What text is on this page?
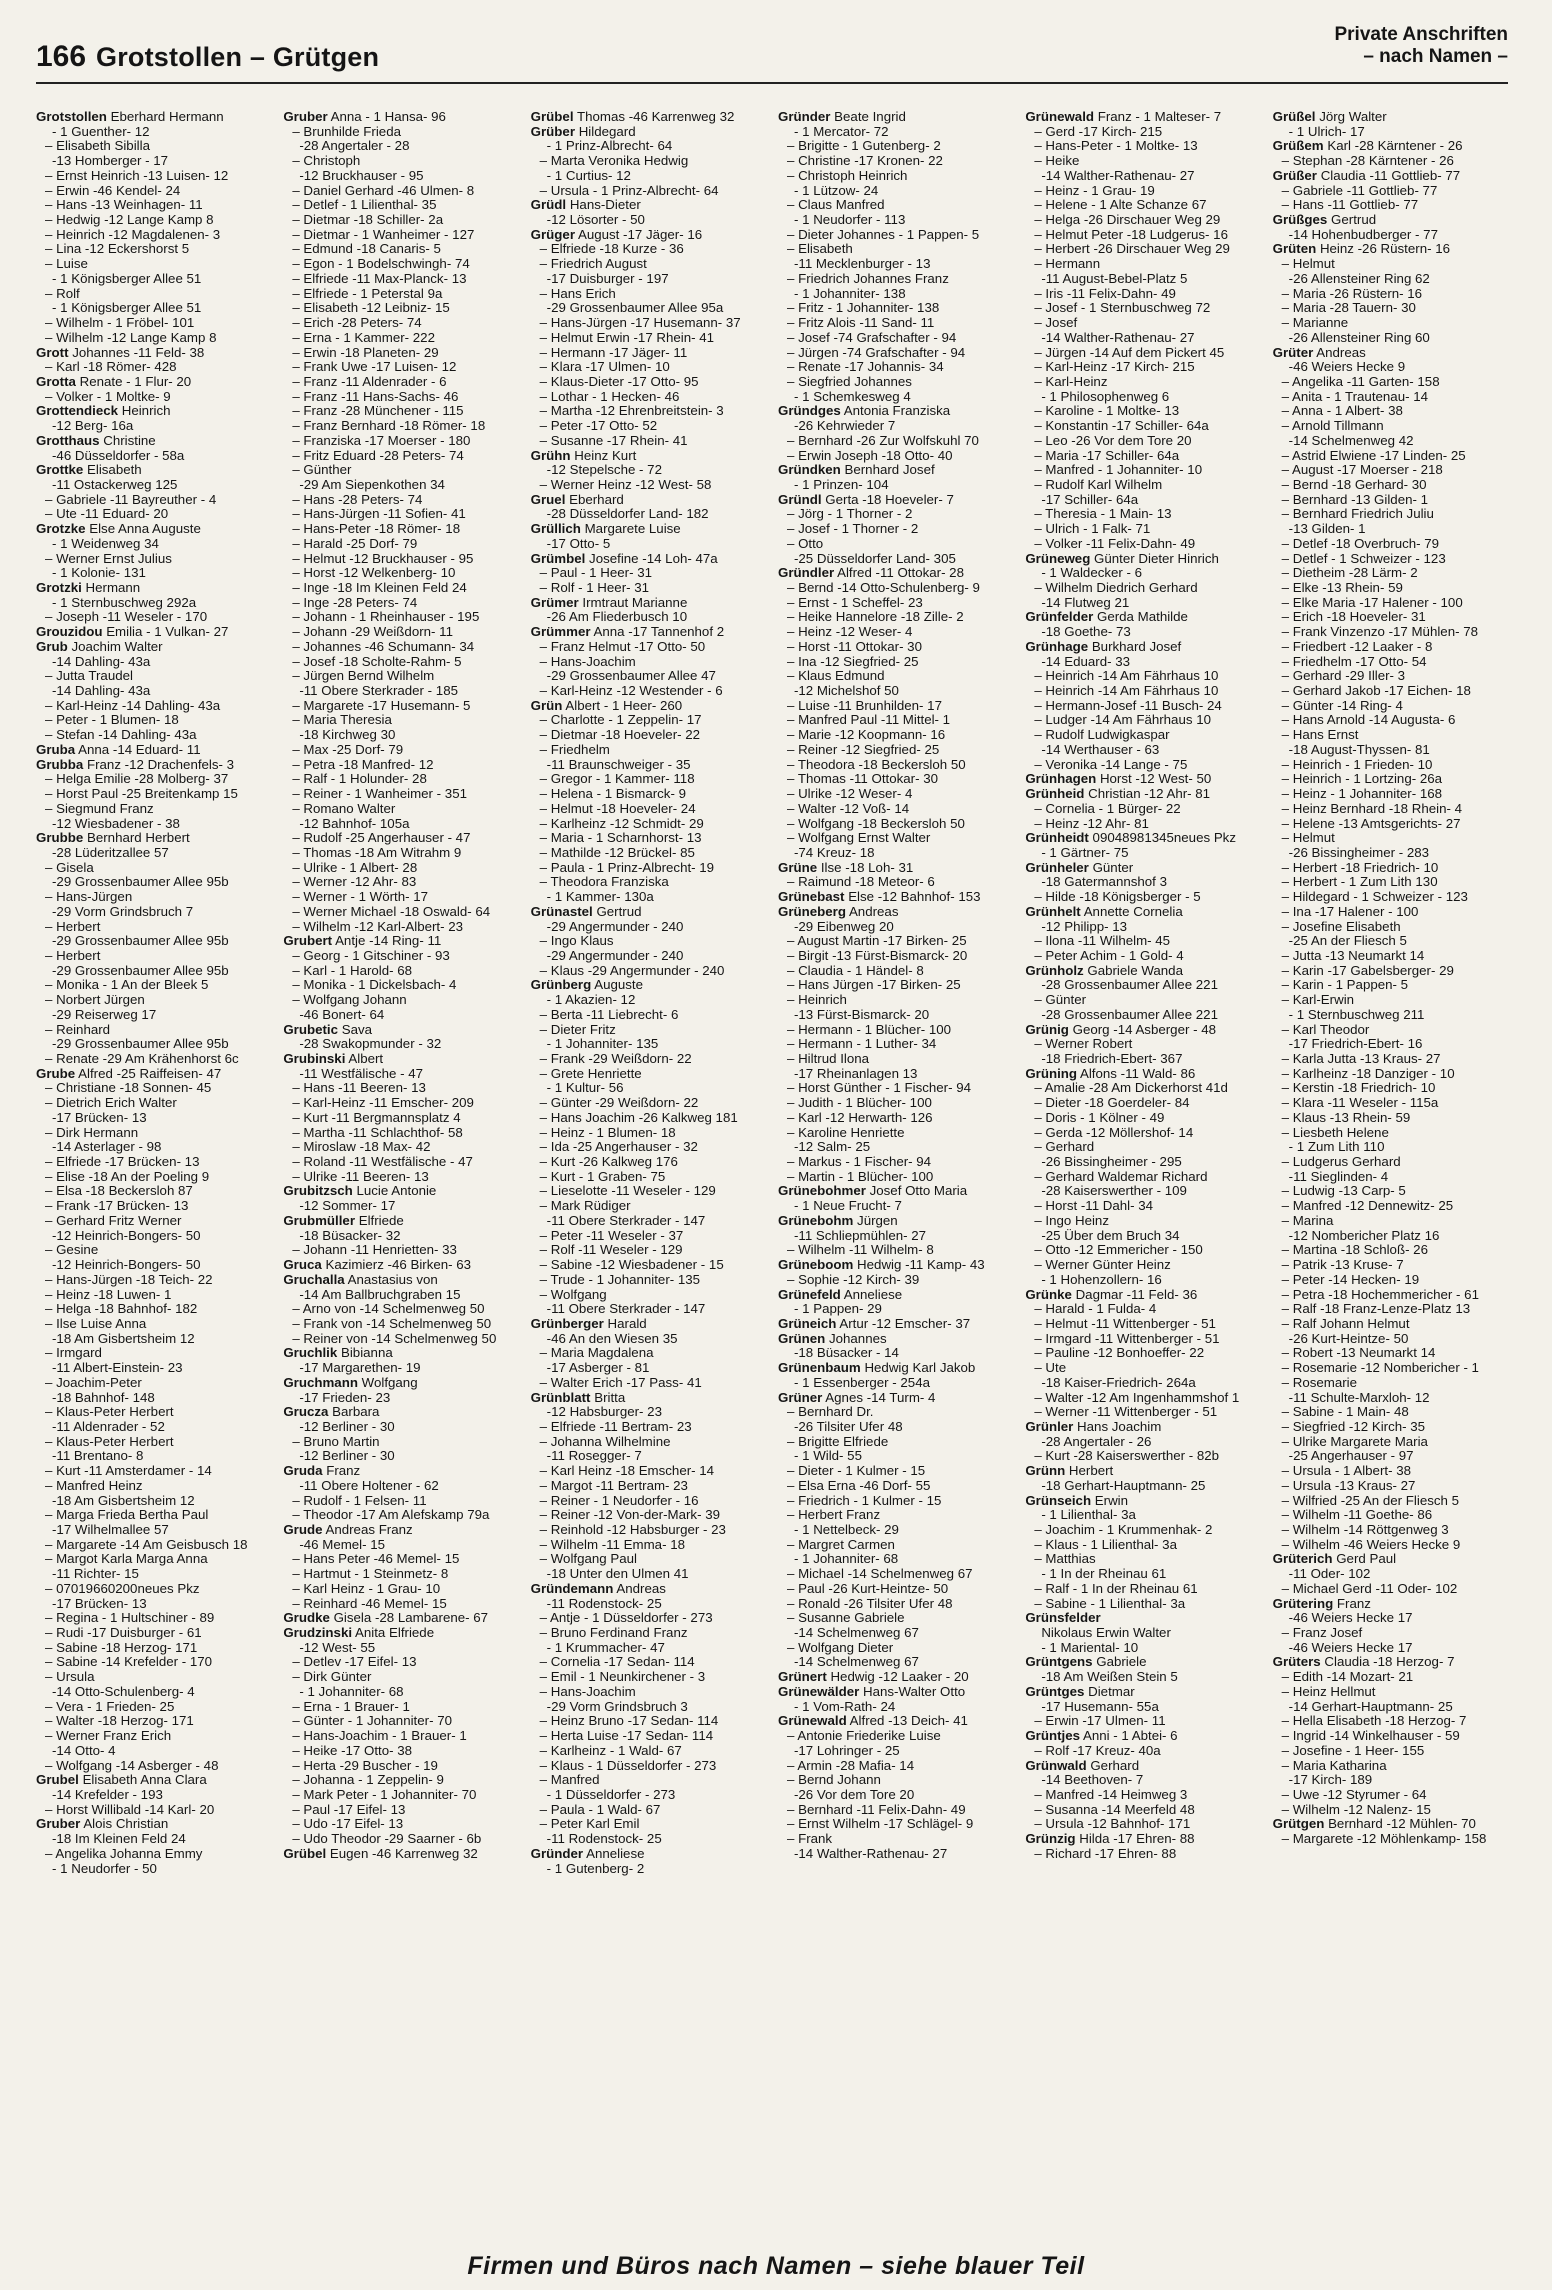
166 Grotstollen – Grütgen
Private Anschriften
– nach Namen –
Grotstollen Eberhard Hermann
- 1 Guenther- 12
– Elisabeth Sibilla
-13 Homberger - 17
– Ernst Heinrich -13 Luisen- 12
– Erwin -46 Kendel- 24
– Hans -13 Weinhagen- 11
– Hedwig -12 Lange Kamp 8
– Heinrich -12 Magdalenen- 3
– Lina -12 Eckershorst 5
– Luise
- 1 Königsberger Allee 51
– Rolf
- 1 Königsberger Allee 51
– Wilhelm - 1 Fröbel- 101
– Wilhelm -12 Lange Kamp 8
Grott Johannes -11 Feld- 38
– Karl -18 Römer- 428
Grotta Renate - 1 Flur- 20
– Volker - 1 Moltke- 9
Grottendieck Heinrich
-12 Berg- 16a
Grotthaus Christine
-46 Düsseldorfer - 58a
Grottke Elisabeth
-11 Ostackerweg 125
– Gabriele -11 Bayreuther - 4
– Ute -11 Eduard- 20
Grotzke Else Anna Auguste
- 1 Weidenweg 34
– Werner Ernst Julius
- 1 Kolonie- 131
Grotzki Hermann
- 1 Sternbuschweg 292a
– Joseph -11 Weseler - 170
Grouzidou Emilia - 1 Vulkan- 27
Grub Joachim Walter
-14 Dahling- 43a
– Jutta Traudel
-14 Dahling- 43a
– Karl-Heinz -14 Dahling- 43a
– Peter - 1 Blumen- 18
– Stefan -14 Dahling- 43a
Gruba Anna -14 Eduard- 11
Grubba Franz -12 Drachenfels- 3
– Helga Emilie -28 Molberg- 37
– Horst Paul -25 Breitenkamp 15
– Siegmund Franz
-12 Wiesbadener - 38
Grubbe Bernhard Herbert
-28 Lüderitzallee 57
– Gisela
-29 Grossenbaumer Allee 95b
– Hans-Jürgen
-29 Vorm Grindsbruch 7
– Herbert
-29 Grossenbaumer Allee 95b
– Herbert
-29 Grossenbaumer Allee 95b
– Monika - 1 An der Bleek 5
– Norbert Jürgen
-29 Reiserweg 17
– Reinhard
-29 Grossenbaumer Allee 95b
– Renate -29 Am Krähenhorst 6c
Grube Alfred -25 Raiffeisen- 47
– Christiane -18 Sonnen- 45
– Dietrich Erich Walter
-17 Brücken- 13
– Dirk Hermann
-14 Asterlager - 98
– Elfriede -17 Brücken- 13
– Elise -18 An der Poeling 9
– Elsa -18 Beckersloh 87
– Frank -17 Brücken- 13
– Gerhard Fritz Werner
-12 Heinrich-Bongers- 50
– Gesine
-12 Heinrich-Bongers- 50
– Hans-Jürgen -18 Teich- 22
– Heinz -18 Luwen- 1
– Helga -18 Bahnhof- 182
– Ilse Luise Anna
-18 Am Gisbertsheim 12
– Irmgard
-11 Albert-Einstein- 23
– Joachim-Peter
-18 Bahnhof- 148
– Klaus-Peter Herbert
-11 Aldenrader - 52
– Klaus-Peter Herbert
-11 Brentano- 8
– Kurt -11 Amsterdamer - 14
– Manfred Heinz
-18 Am Gisbertsheim 12
– Marga Frieda Bertha Paul
-17 Wilhelmallee 57
– Margarete -14 Am Geisbusch 18
– Margot Karla Marga Anna
-11 Richter- 15
– 07019660200neues Pkz
-17 Brücken- 13
– Regina - 1 Hultschiner - 89
– Rudi -17 Duisburger - 61
– Sabine -18 Herzog- 171
– Sabine -14 Krefelder - 170
– Ursula
-14 Otto-Schulenberg- 4
– Vera - 1 Frieden- 25
– Walter -18 Herzog- 171
– Werner Franz Erich
-14 Otto- 4
– Wolfgang -14 Asberger - 48
Grubel Elisabeth Anna Clara
-14 Krefelder - 193
– Horst Willibald -14 Karl- 20
Gruber Alois Christian
-18 Im Kleinen Feld 24
– Angelika Johanna Emmy
- 1 Neudorfer - 50
Gruber Anna - 1 Hansa- 96
– Brunhilde Frieda
-28 Angertaler - 28
– Christoph
-12 Bruckhauser - 95
– Daniel Gerhard -46 Ulmen- 8
– Detlef - 1 Lilienthal- 35
– Dietmar -18 Schiller- 2a
– Dietmar - 1 Wanheimer - 127
– Edmund -18 Canaris- 5
– Egon - 1 Bodelschwingh- 74
– Elfriede -11 Max-Planck- 13
– Elfriede - 1 Peterstal 9a
– Elisabeth -12 Leibniz- 15
– Erich -28 Peters- 74
– Erna - 1 Kammer- 222
– Erwin -18 Planeten- 29
– Frank Uwe -17 Luisen- 12
– Franz -11 Aldenrader - 6
– Franz -11 Hans-Sachs- 46
– Franz -28 Münchener - 115
– Franz Bernhard -18 Römer- 18
– Franziska -17 Moerser - 180
– Fritz Eduard -28 Peters- 74
– Günther
-29 Am Siepenkothen 34
– Hans -28 Peters- 74
– Hans-Jürgen -11 Sofien- 41
– Hans-Peter -18 Römer- 18
– Harald -25 Dorf- 79
– Helmut -12 Bruckhauser - 95
– Horst -12 Welkenberg- 10
– Inge -18 Im Kleinen Feld 24
– Inge -28 Peters- 74
– Johann - 1 Rheinhauser - 195
– Johann -29 Weißdorn- 11
– Johannes -46 Schumann- 34
– Josef -18 Scholte-Rahm- 5
– Jürgen Bernd Wilhelm
-11 Obere Sterkrader - 185
– Margarete -17 Husemann- 5
– Maria Theresia
-18 Kirchweg 30
– Max -25 Dorf- 79
– Petra -18 Manfred- 12
– Ralf - 1 Holunder- 28
– Reiner - 1 Wanheimer - 351
– Romano Walter
-12 Bahnhof- 105a
– Rudolf -25 Angerhauser - 47
– Thomas -18 Am Witrahm 9
– Ulrike - 1 Albert- 28
– Werner -12 Ahr- 83
– Werner - 1 Wörth- 17
– Werner Michael -18 Oswald- 64
– Wilhelm -12 Karl-Albert- 23
Grubert Antje -14 Ring- 11
– Georg - 1 Gitschiner - 93
– Karl - 1 Harold- 68
– Monika - 1 Dickelsbach- 4
– Wolfgang Johann
-46 Bonert- 64
Grubetic Sava
-28 Swakopmunder - 32
Grubinski Albert
-11 Westfälische - 47
– Hans -11 Beeren- 13
– Karl-Heinz -11 Emscher- 209
– Kurt -11 Bergmannsplatz 4
– Martha -11 Schlachthof- 58
– Miroslaw -18 Max- 42
– Roland -11 Westfälische - 47
– Ulrike -11 Beeren- 13
Grubitzsch Lucie Antonie
-12 Sommer- 17
Grubmüller Elfriede
-18 Büsacker- 32
– Johann -11 Henrietten- 33
Gruca Kazimierz -46 Birken- 63
Gruchalla Anastasius von
-14 Am Ballbruchgraben 15
– Arno von -14 Schelmenweg 50
– Frank von -14 Schelmenweg 50
– Reiner von -14 Schelmenweg 50
Gruchlik Bibianna
-17 Margarethen- 19
Gruchmann Wolfgang
-17 Frieden- 23
Grucza Barbara
-12 Berliner - 30
– Bruno Martin
-12 Berliner - 30
Gruda Franz
-11 Obere Holtener - 62
– Rudolf - 1 Felsen- 11
– Theodor -17 Am Alefskamp 79a
Grude Andreas Franz
-46 Memel- 15
– Hans Peter -46 Memel- 15
– Hartmut - 1 Steinmetz- 8
– Karl Heinz - 1 Grau- 10
– Reinhard -46 Memel- 15
Grudke Gisela -28 Lambarene- 67
Grudzinski Anita Elfriede
-12 West- 55
– Detlev -17 Eifel- 13
– Dirk Günter
- 1 Johanniter- 68
– Erna - 1 Brauer- 1
– Günter - 1 Johanniter- 70
– Hans-Joachim - 1 Brauer- 1
– Heike -17 Otto- 38
– Herta -29 Buscher - 19
– Johanna - 1 Zeppelin- 9
– Mark Peter - 1 Johanniter- 70
– Paul -17 Eifel- 13
– Udo -17 Eifel- 13
– Udo Theodor -29 Saarner - 6b
Grübel Eugen -46 Karrenweg 32
Grübel Thomas -46 Karrenweg 32
Grüber Hildegard
- 1 Prinz-Albrecht- 64
– Marta Veronika Hedwig
- 1 Curtius- 12
– Ursula - 1 Prinz-Albrecht- 64
Grüdl Hans-Dieter
-12 Lösorter - 50
Grüger August -17 Jäger- 16
– Elfriede -18 Kurze - 36
– Friedrich August
-17 Duisburger - 197
– Hans Erich
-29 Grossenbaumer Allee 95a
– Hans-Jürgen -17 Husemann- 37
– Helmut Erwin -17 Rhein- 41
– Hermann -17 Jäger- 11
– Klara -17 Ulmen- 10
– Klaus-Dieter -17 Otto- 95
– Lothar - 1 Hecken- 46
– Martha -12 Ehrenbreitstein- 3
– Peter -17 Otto- 52
– Susanne -17 Rhein- 41
Grühn Heinz Kurt
-12 Stepelsche - 72
– Werner Heinz -12 West- 58
Gruel Eberhard
-28 Düsseldorfer Land- 182
Grüllich Margarete Luise
-17 Otto- 5
Grümbel Josefine -14 Loh- 47a
– Paul - 1 Heer- 31
– Rolf - 1 Heer- 31
Grümer Irmtraut Marianne
-26 Am Fliederbusch 10
Grümmer Anna -17 Tannenhof 2
– Franz Helmut -17 Otto- 50
– Hans-Joachim
-29 Grossenbaumer Allee 47
– Karl-Heinz -12 Westender - 6
Grün Albert - 1 Heer- 260
– Charlotte - 1 Zeppelin- 17
– Dietmar -18 Hoeveler- 22
– Friedhelm
-11 Braunschweiger - 35
– Gregor - 1 Kammer- 118
– Helena - 1 Bismarck- 9
– Helmut -18 Hoeveler- 24
– Karlheinz -12 Schmidt- 29
– Maria - 1 Scharnhorst- 13
– Mathilde -12 Brückel- 85
– Paula - 1 Prinz-Albrecht- 19
– Theodora Franziska
- 1 Kammer- 130a
Grünastel Gertrud
-29 Angermunder - 240
– Ingo Klaus
-29 Angermunder - 240
– Klaus -29 Angermunder - 240
Grünberg Auguste
- 1 Akazien- 12
– Berta -11 Liebrecht- 6
– Dieter Fritz
- 1 Johanniter- 135
– Frank -29 Weißdorn- 22
– Grete Henriette
- 1 Kultur- 56
– Günter -29 Weißdorn- 22
– Hans Joachim -26 Kalkweg 181
– Heinz - 1 Blumen- 18
– Ida -25 Angerhauser - 32
– Kurt -26 Kalkweg 176
– Kurt - 1 Graben- 75
– Lieselotte -11 Weseler - 129
– Mark Rüdiger
-11 Obere Sterkrader - 147
– Peter -11 Weseler - 37
– Rolf -11 Weseler - 129
– Sabine -12 Wiesbadener - 15
– Trude - 1 Johanniter- 135
– Wolfgang
-11 Obere Sterkrader - 147
Grünberger Harald
-46 An den Wiesen 35
– Maria Magdalena
-17 Asberger - 81
– Walter Erich -17 Pass- 41
Grünblatt Britta
-12 Habsburger- 23
– Elfriede -11 Bertram- 23
– Johanna Wilhelmine
-11 Rosegger- 7
– Karl Heinz -18 Emscher- 14
– Margot -11 Bertram- 23
– Reiner - 1 Neudorfer - 16
– Reiner -12 Von-der-Mark- 39
– Reinhold -12 Habsburger - 23
– Wilhelm -11 Emma- 18
– Wolfgang Paul
-18 Unter den Ulmen 41
Gründemann Andreas
-11 Rodenstock- 25
– Antje - 1 Düsseldorfer - 273
– Bruno Ferdinand Franz
- 1 Krummacher- 47
– Cornelia -17 Sedan- 114
– Emil - 1 Neunkirchener - 3
– Hans-Joachim
-29 Vorm Grindsbruch 3
– Heinz Bruno -17 Sedan- 114
– Herta Luise -17 Sedan- 114
– Karlheinz - 1 Wald- 67
– Klaus - 1 Düsseldorfer - 273
– Manfred
- 1 Düsseldorfer - 273
– Paula - 1 Wald- 67
– Peter Karl Emil
-11 Rodenstock- 25
Gründer Anneliese
- 1 Gutenberg- 2
Gründer Beate Ingrid
- 1 Mercator- 72
– Brigitte - 1 Gutenberg- 2
– Christine -17 Kronen- 22
– Christoph Heinrich
- 1 Lützow- 24
– Claus Manfred
- 1 Neudorfer - 113
– Dieter Johannes - 1 Pappen- 5
– Elisabeth
-11 Mecklenburger - 13
– Friedrich Johannes Franz
- 1 Johanniter- 138
– Fritz - 1 Johanniter- 138
– Fritz Alois -11 Sand- 11
– Josef -74 Grafschafter - 94
– Jürgen -74 Grafschafter - 94
– Renate -17 Johannis- 34
– Siegfried Johannes
- 1 Schemkesweg 4
Gründges Antonia Franziska
-26 Kehrwieder 7
– Bernhard -26 Zur Wolfskuhl 70
– Erwin Joseph -18 Otto- 40
Gründken Bernhard Josef
- 1 Prinzen- 104
Gründl Gerta -18 Hoeveler- 7
– Jörg - 1 Thorner - 2
– Josef - 1 Thorner - 2
– Otto
-25 Düsseldorfer Land- 305
Gründler Alfred -11 Ottokar- 28
– Bernd -14 Otto-Schulenberg- 9
– Ernst - 1 Scheffel- 23
– Heike Hannelore -18 Zille- 2
– Heinz -12 Weser- 4
– Horst -11 Ottokar- 30
– Ina -12 Siegfried- 25
– Klaus Edmund
-12 Michelshof 50
– Luise -11 Brunhilden- 17
– Manfred Paul -11 Mittel- 1
– Marie -12 Koopmann- 16
– Reiner -12 Siegfried- 25
– Theodora -18 Beckersloh 50
– Thomas -11 Ottokar- 30
– Ulrike -12 Weser- 4
– Walter -12 Voß- 14
– Wolfgang -18 Beckersloh 50
– Wolfgang Ernst Walter
-74 Kreuz- 18
Grüne Ilse -18 Loh- 31
– Raimund -18 Meteor- 6
Grünebast Else -12 Bahnhof- 153
Grüneberg Andreas
-29 Eibenweg 20
– August Martin -17 Birken- 25
– Birgit -13 Fürst-Bismarck- 20
– Claudia - 1 Händel- 8
– Hans Jürgen -17 Birken- 25
– Heinrich
-13 Fürst-Bismarck- 20
– Hermann - 1 Blücher- 100
– Hermann - 1 Luther- 34
– Hiltrud Ilona
-17 Rheinanlagen 13
– Horst Günther - 1 Fischer- 94
– Judith - 1 Blücher- 100
– Karl -12 Herwarth- 126
– Karoline Henriette
-12 Salm- 25
– Markus - 1 Fischer- 94
– Martin - 1 Blücher- 100
Grünebohmer Josef Otto Maria
- 1 Neue Frucht- 7
Grünebohm Jürgen
-11 Schliepmühlen- 27
– Wilhelm -11 Wilhelm- 8
Grüneboom Hedwig -11 Kamp- 43
– Sophie -12 Kirch- 39
Grünefeld Anneliese
- 1 Pappen- 29
Grüneich Artur -12 Emscher- 37
Grünen Johannes
-18 Büsacker - 14
Grünenbaum Hedwig Karl Jakob
- 1 Essenberger - 254a
Grüner Agnes -14 Turm- 4
– Bernhard Dr.
-26 Tilsiter Ufer 48
– Brigitte Elfriede
- 1 Wild- 55
– Dieter - 1 Kulmer - 15
– Elsa Erna -46 Dorf- 55
– Friedrich - 1 Kulmer - 15
– Herbert Franz
- 1 Nettelbeck- 29
– Margret Carmen
- 1 Johanniter- 68
– Michael -14 Schelmenweg 67
– Paul -26 Kurt-Heintze- 50
– Ronald -26 Tilsiter Ufer 48
– Susanne Gabriele
-14 Schelmenweg 67
– Wolfgang Dieter
-14 Schelmenweg 67
Grünert Hedwig -12 Laaker - 20
Grünewälder Hans-Walter Otto
- 1 Vom-Rath- 24
Grünewald Alfred -13 Deich- 41
– Antonie Friederike Luise
-17 Lohringer - 25
– Armin -28 Mafia- 14
– Bernd Johann
-26 Vor dem Tore 20
– Bernhard -11 Felix-Dahn- 49
– Ernst Wilhelm -17 Schlägel- 9
– Frank
-14 Walther-Rathenau- 27
Grünewald Franz - 1 Malteser- 7
– Gerd -17 Kirch- 215
– Hans-Peter - 1 Moltke- 13
– Heike
-14 Walther-Rathenau- 27
– Heinz - 1 Grau- 19
– Helene - 1 Alte Schanze 67
– Helga -26 Dirschauer Weg 29
– Helmut Peter -18 Ludgerus- 16
– Herbert -26 Dirschauer Weg 29
– Hermann
-11 August-Bebel-Platz 5
– Iris -11 Felix-Dahn- 49
– Josef - 1 Sternbuschweg 72
– Josef
-14 Walther-Rathenau- 27
– Jürgen -14 Auf dem Pickert 45
– Karl-Heinz -17 Kirch- 215
– Karl-Heinz
- 1 Philosophenweg 6
– Karoline - 1 Moltke- 13
– Konstantin -17 Schiller- 64a
– Leo -26 Vor dem Tore 20
– Maria -17 Schiller- 64a
– Manfred - 1 Johanniter- 10
– Rudolf Karl Wilhelm
-17 Schiller- 64a
– Theresia - 1 Main- 13
– Ulrich - 1 Falk- 71
– Volker -11 Felix-Dahn- 49
Grüneweg Günter Dieter Hinrich
- 1 Waldecker - 6
– Wilhelm Diedrich Gerhard
-14 Flutweg 21
Grünfelder Gerda Mathilde
-18 Goethe- 73
Grünhage Burkhard Josef
-14 Eduard- 33
– Heinrich -14 Am Fährhaus 10
– Heinrich -14 Am Fährhaus 10
– Hermann-Josef -11 Busch- 24
– Ludger -14 Am Fährhaus 10
– Rudolf Ludwigkaspar
-14 Werthauser - 63
– Veronika -14 Lange - 75
Grünhagen Horst -12 West- 50
Grünheid Christian -12 Ahr- 81
– Cornelia - 1 Bürger- 22
– Heinz -12 Ahr- 81
Grünheidt 09048981345neues Pkz
- 1 Gärtner- 75
Grünheler Günter
-18 Gatermannshof 3
– Hilde -18 Königsberger - 5
Grünhelt Annette Cornelia
-12 Philipp- 13
– Ilona -11 Wilhelm- 45
– Peter Achim - 1 Gold- 4
Grünholz Gabriele Wanda
-28 Grossenbaumer Allee 221
– Günter
-28 Grossenbaumer Allee 221
Grünig Georg -14 Asberger - 48
– Werner Robert
-18 Friedrich-Ebert- 367
Grüning Alfons -11 Wald- 86
– Amalie -28 Am Dickerhorst 41d
– Dieter -18 Goerdeler- 84
– Doris - 1 Kölner - 49
– Gerda -12 Möllershof- 14
– Gerhard
-26 Bissingheimer - 295
– Gerhard Waldemar Richard
-28 Kaiserswerther - 109
– Horst -11 Dahl- 34
– Ingo Heinz
-25 Über dem Bruch 34
– Otto -12 Emmericher - 150
– Werner Günter Heinz
- 1 Hohenzollern- 16
Grünke Dagmar -11 Feld- 36
– Harald - 1 Fulda- 4
– Helmut -11 Wittenberger - 51
– Irmgard -11 Wittenberger - 51
– Pauline -12 Bonhoeffer- 22
– Ute
-18 Kaiser-Friedrich- 264a
– Walter -12 Am Ingenhammshof 1
– Werner -11 Wittenberger - 51
Grünler Hans Joachim
-28 Angertaler - 26
– Kurt -28 Kaiserswerther - 82b
Grünn Herbert
-18 Gerhart-Hauptmann- 25
Grünseich Erwin
- 1 Lilienthal- 3a
– Joachim - 1 Krummenhak- 2
– Klaus - 1 Lilienthal- 3a
– Matthias
- 1 In der Rheinau 61
– Ralf - 1 In der Rheinau 61
– Sabine - 1 Lilienthal- 3a
Grünsfelder
Nikolaus Erwin Walter
- 1 Mariental- 10
Grüntgens Gabriele
-18 Am Weißen Stein 5
Grüntges Dietmar
-17 Husemann- 55a
– Erwin -17 Ulmen- 11
Grüntjes Anni - 1 Abtei- 6
– Rolf -17 Kreuz- 40a
Grünwald Gerhard
-14 Beethoven- 7
– Manfred -14 Heimweg 3
– Susanna -14 Meerfeld 48
– Ursula -12 Bahnhof- 171
Grünzig Hilda -17 Ehren- 88
– Richard -17 Ehren- 88
Grüßel Jörg Walter
- 1 Ulrich- 17
Grüßem Karl -28 Kärntener - 26
– Stephan -28 Kärntener - 26
Grüßer Claudia -11 Gottlieb- 77
– Gabriele -11 Gottlieb- 77
– Hans -11 Gottlieb- 77
Grüßges Gertrud
-14 Hohenbudberger - 77
Grüten Heinz -26 Rüstern- 16
– Helmut
-26 Allensteiner Ring 62
– Maria -26 Rüstern- 16
– Maria -28 Tauern- 30
– Marianne
-26 Allensteiner Ring 60
Grüter Andreas
-46 Weiers Hecke 9
– Angelika -11 Garten- 158
– Anita - 1 Trautenau- 14
– Anna - 1 Albert- 38
– Arnold Tillmann
-14 Schelmenweg 42
– Astrid Elwiene -17 Linden- 25
– August -17 Moerser - 218
– Bernd -18 Gerhard- 30
– Bernhard -13 Gilden- 1
– Bernhard Friedrich Juliu
-13 Gilden- 1
– Detlef -18 Overbruch- 79
– Detlef - 1 Schweizer - 123
– Dietheim -28 Lärm- 2
– Elke -13 Rhein- 59
– Elke Maria -17 Halener - 100
– Erich -18 Hoeveler- 31
– Frank Vinzenzo -17 Mühlen- 78
– Friedbert -12 Laaker - 8
– Friedhelm -17 Otto- 54
– Gerhard -29 Iller- 3
– Gerhard Jakob -17 Eichen- 18
– Günter -14 Ring- 4
– Hans Arnold -14 Augusta- 6
– Hans Ernst
-18 August-Thyssen- 81
– Heinrich - 1 Frieden- 10
– Heinrich - 1 Lortzing- 26a
– Heinz - 1 Johanniter- 168
– Heinz Bernhard -18 Rhein- 4
– Helene -13 Amtsgerichts- 27
– Helmut
-26 Bissingheimer - 283
– Herbert -18 Friedrich- 10
– Herbert - 1 Zum Lith 130
– Hildegard - 1 Schweizer - 123
– Ina -17 Halener - 100
– Josefine Elisabeth
-25 An der Fliesch 5
– Jutta -13 Neumarkt 14
– Karin -17 Gabelsberger- 29
– Karin - 1 Pappen- 5
– Karl-Erwin
- 1 Sternbuschweg 211
– Karl Theodor
-17 Friedrich-Ebert- 16
– Karla Jutta -13 Kraus- 27
– Karlheinz -18 Danziger - 10
– Kerstin -18 Friedrich- 10
– Klara -11 Weseler - 115a
– Klaus -13 Rhein- 59
– Liesbeth Helene
- 1 Zum Lith 110
– Ludgerus Gerhard
-11 Sieglinden- 4
– Ludwig -13 Carp- 5
– Manfred -12 Dennewitz- 25
– Marina
-12 Nombericher Platz 16
– Martina -18 Schloß- 26
– Patrik -13 Kruse- 7
– Peter -14 Hecken- 19
– Petra -18 Hochemmericher - 61
– Ralf -18 Franz-Lenze-Platz 13
– Ralf Johann Helmut
-26 Kurt-Heintze- 50
– Robert -13 Neumarkt 14
– Rosemarie -12 Nombericher - 1
– Rosemarie
-11 Schulte-Marxloh- 12
– Sabine - 1 Main- 48
– Siegfried -12 Kirch- 35
– Ulrike Margarete Maria
-25 Angerhauser - 97
– Ursula - 1 Albert- 38
– Ursula -13 Kraus- 27
– Wilfried -25 An der Fliesch 5
– Wilhelm -11 Goethe- 86
– Wilhelm -14 Röttgenweg 3
– Wilhelm -46 Weiers Hecke 9
Grüterich Gerd Paul
-11 Oder- 102
– Michael Gerd -11 Oder- 102
Grütering Franz
-46 Weiers Hecke 17
– Franz Josef
-46 Weiers Hecke 17
Grüters Claudia -18 Herzog- 7
– Edith -14 Mozart- 21
– Heinz Hellmut
-14 Gerhart-Hauptmann- 25
– Hella Elisabeth -18 Herzog- 7
– Ingrid -14 Winkelhauser - 59
– Josefine - 1 Heer- 155
– Maria Katharina
-17 Kirch- 189
– Uwe -12 Styrumer - 64
– Wilhelm -12 Nalenz- 15
Grütgen Bernhard -12 Mühlen- 70
– Margarete -12 Möhlenkamp- 158
Firmen und Büros nach Namen – siehe blauer Teil
